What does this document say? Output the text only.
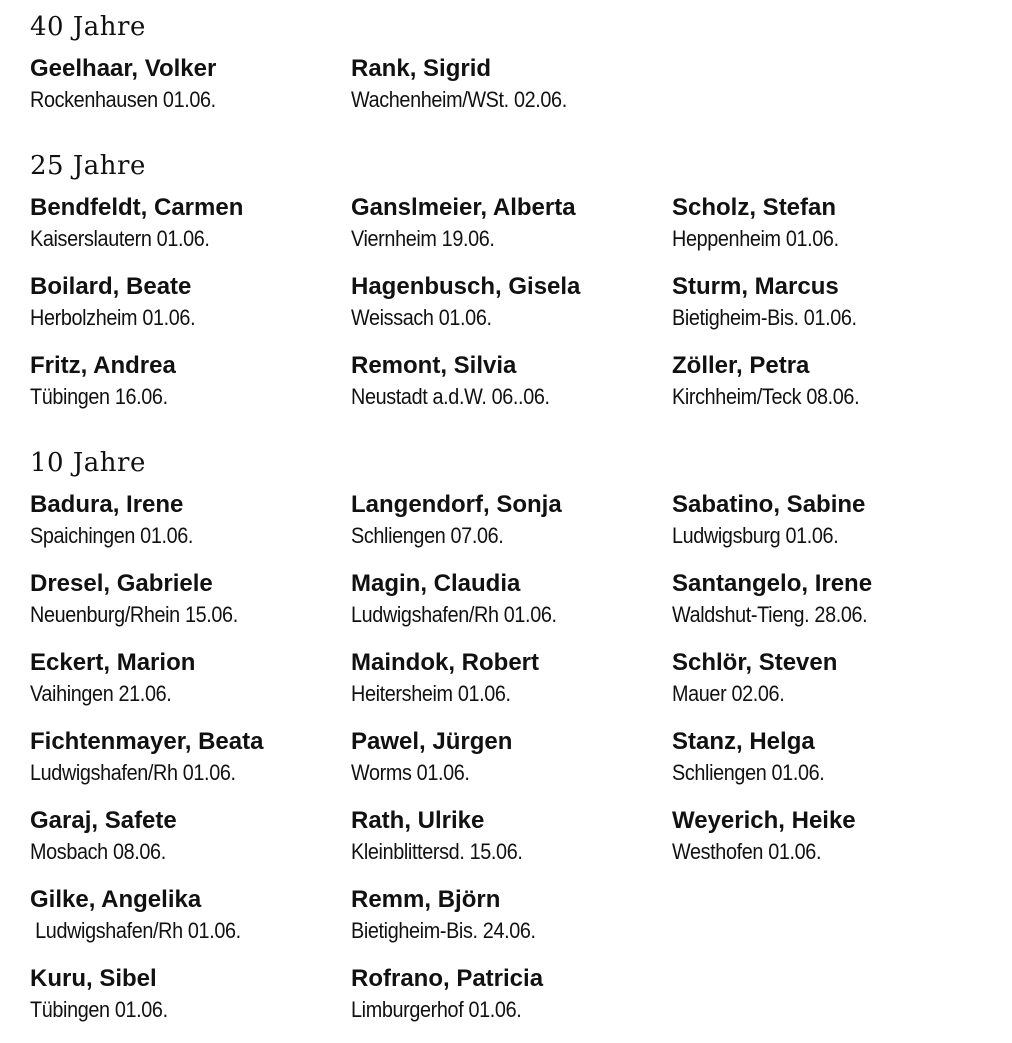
40 Jahre
Geelhaar, Volker
Rockenhausen 01.06.
Rank, Sigrid
Wachenheim/WSt. 02.06.
25 Jahre
Bendfeldt, Carmen
Kaiserslautern 01.06.
Boilard, Beate
Herbolzheim 01.06.
Fritz, Andrea
Tübingen 16.06.
Ganslmeier, Alberta
Viernheim 19.06.
Hagenbusch, Gisela
Weissach 01.06.
Remont, Silvia
Neustadt a.d.W. 06..06.
Scholz, Stefan
Heppenheim 01.06.
Sturm, Marcus
Bietigheim-Bis. 01.06.
Zöller, Petra
Kirchheim/Teck 08.06.
10 Jahre
Badura, Irene
Spaichingen 01.06.
Dresel, Gabriele
Neuenburg/Rhein 15.06.
Eckert, Marion
Vaihingen 21.06.
Fichtenmayer, Beata
Ludwigshafen/Rh 01.06.
Garaj, Safete
Mosbach 08.06.
Gilke, Angelika
Ludwigshafen/Rh 01.06.
Kuru, Sibel
Tübingen 01.06.
Langendorf, Sonja
Schliengen 07.06.
Magin, Claudia
Ludwigshafen/Rh 01.06.
Maindok, Robert
Heitersheim 01.06.
Pawel, Jürgen
Worms 01.06.
Rath, Ulrike
Kleinblittersd. 15.06.
Remm, Björn
Bietigheim-Bis. 24.06.
Rofrano, Patricia
Limburgerhof 01.06.
Sabatino, Sabine
Ludwigsburg 01.06.
Santangelo, Irene
Waldshut-Tieng. 28.06.
Schlör, Steven
Mauer 02.06.
Stanz, Helga
Schliengen 01.06.
Weyerich, Heike
Westhofen 01.06.
